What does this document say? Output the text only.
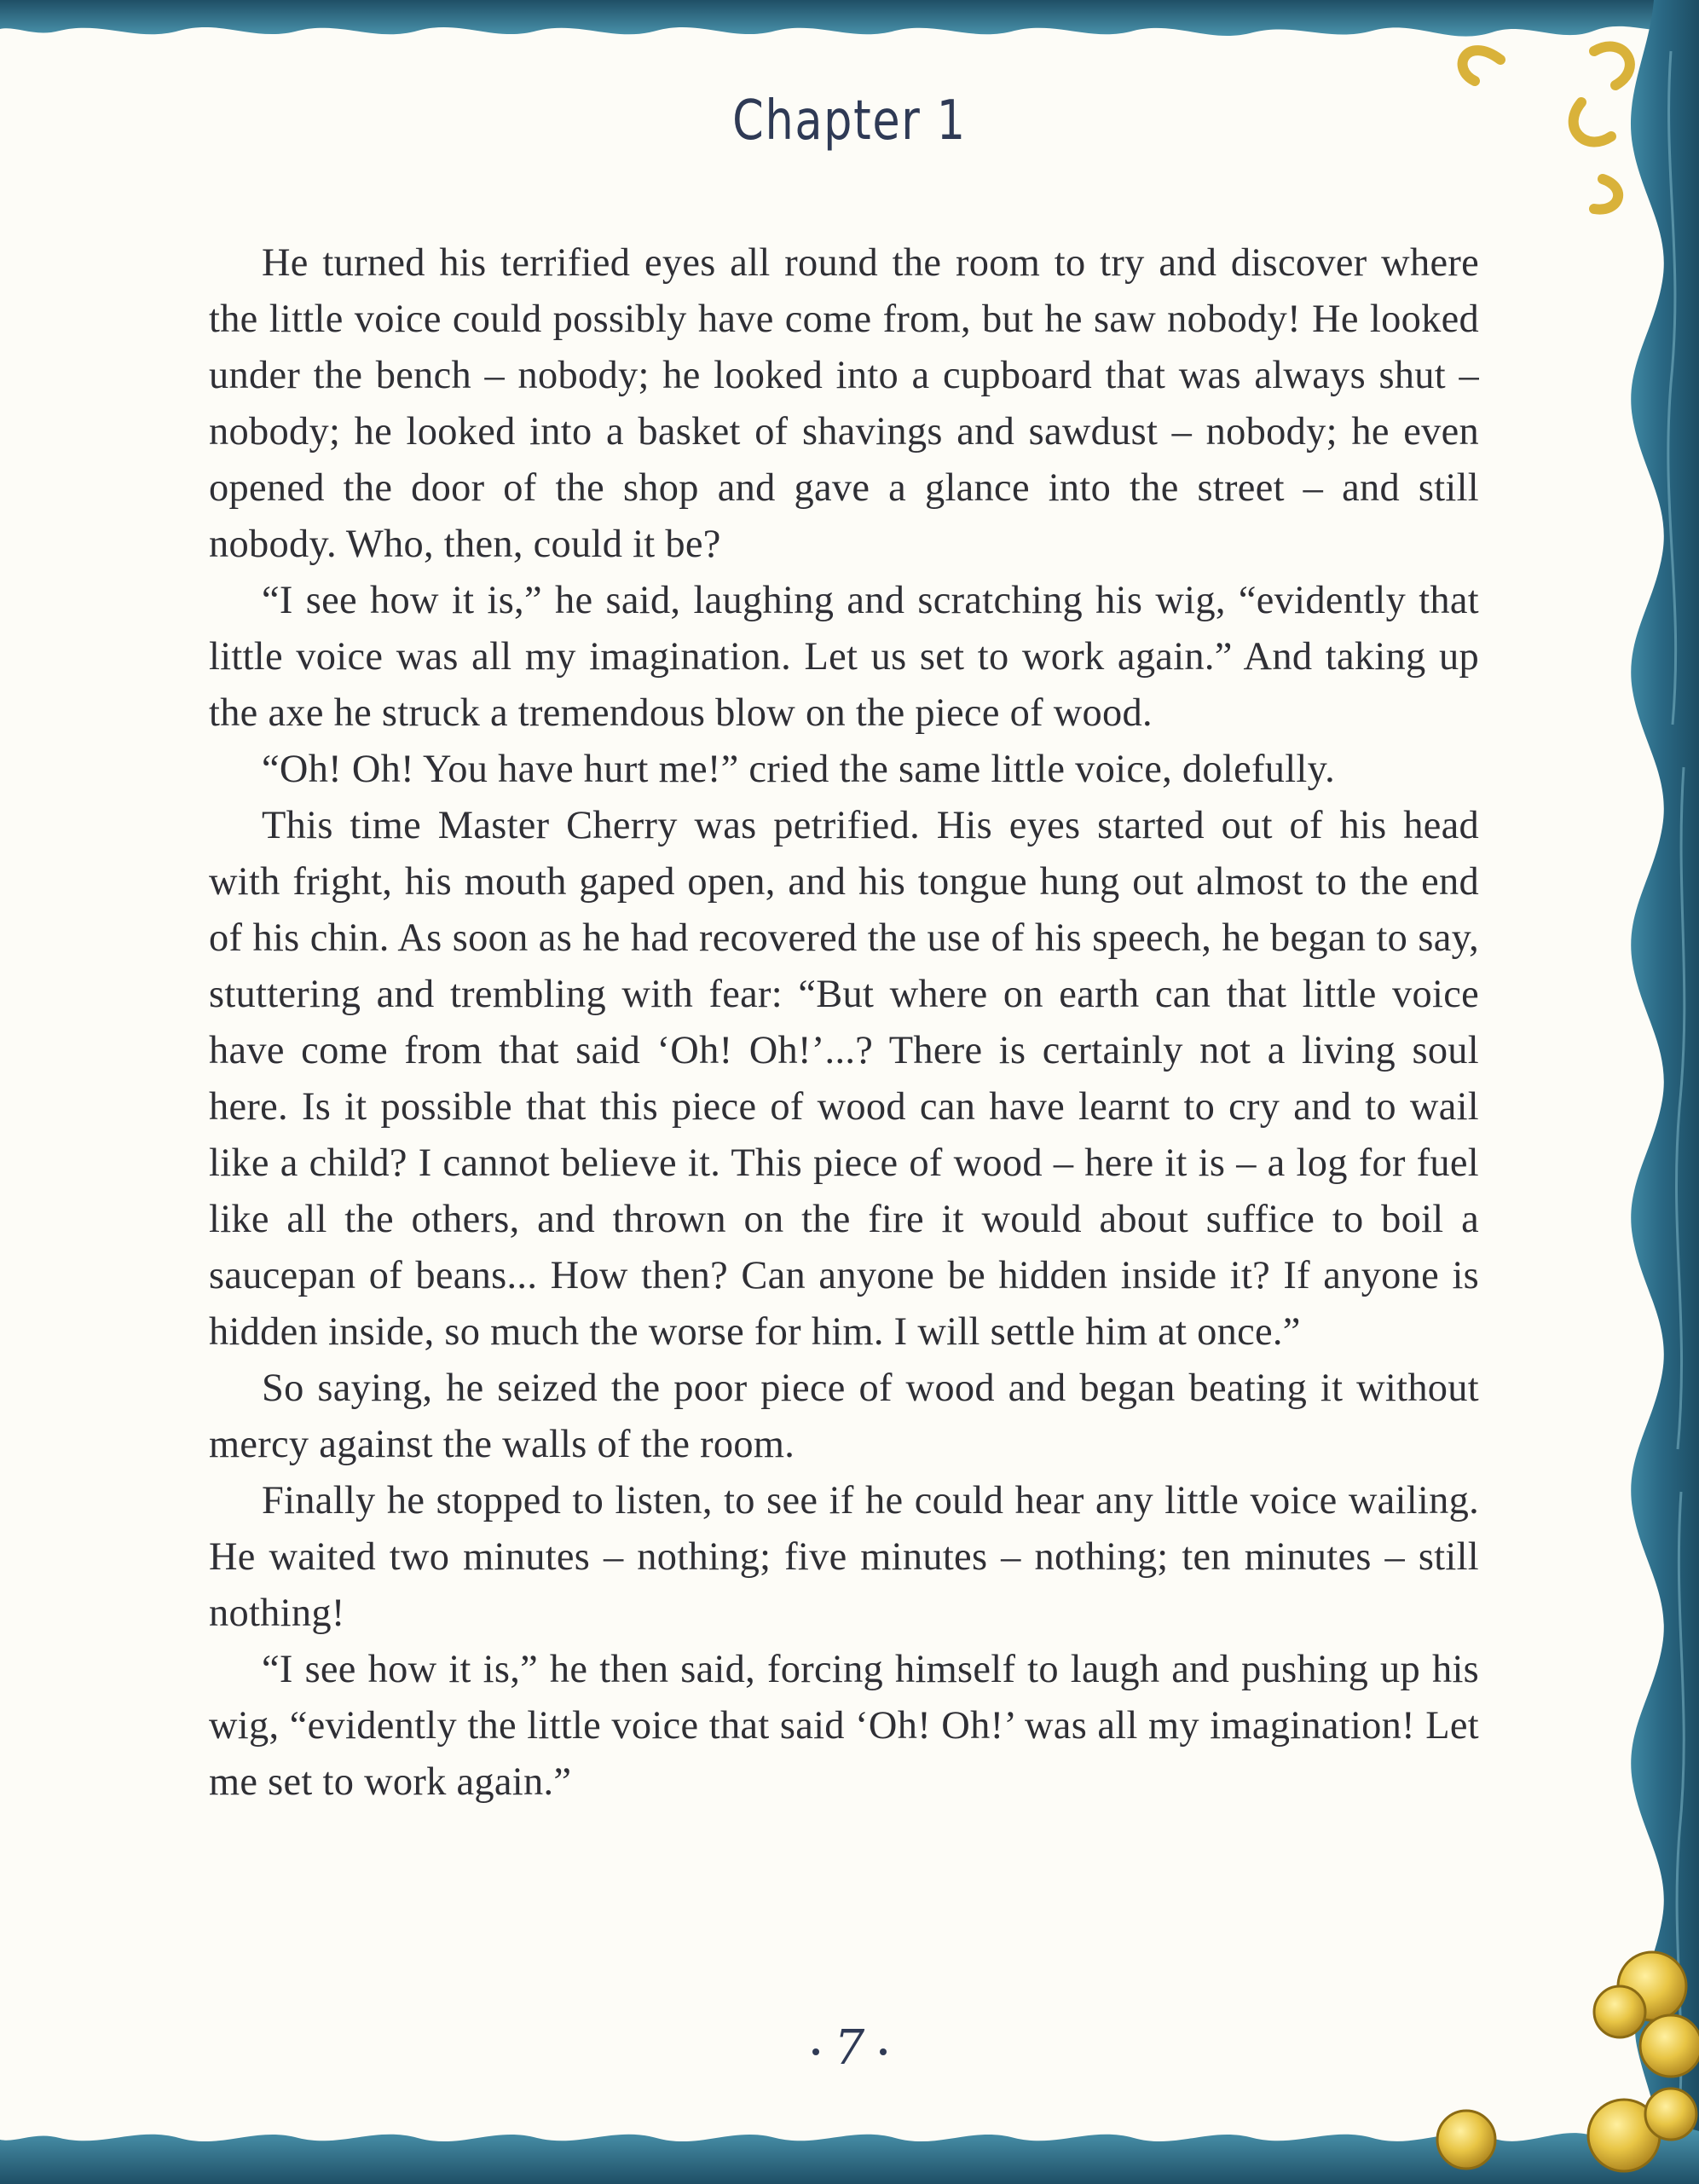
Chapter 1

He turned his terrified eyes all round the room to try and discover where the little voice could possibly have come from, but he saw nobody! He looked under the bench – nobody; he looked into a cupboard that was always shut – nobody; he looked into a basket of shavings and sawdust – nobody; he even opened the door of the shop and gave a glance into the street – and still nobody. Who, then, could it be?

“I see how it is,” he said, laughing and scratching his wig, “evidently that little voice was all my imagination. Let us set to work again.” And taking up the axe he struck a tremendous blow on the piece of wood.

“Oh! Oh! You have hurt me!” cried the same little voice, dolefully.

This time Master Cherry was petrified. His eyes started out of his head with fright, his mouth gaped open, and his tongue hung out almost to the end of his chin. As soon as he had recovered the use of his speech, he began to say, stuttering and trembling with fear: “But where on earth can that little voice have come from that said ‘Oh! Oh!’...? There is certainly not a living soul here. Is it possible that this piece of wood can have learnt to cry and to wail like a child? I cannot believe it. This piece of wood – here it is – a log for fuel like all the others, and thrown on the fire it would about suffice to boil a saucepan of beans... How then? Can anyone be hidden inside it? If anyone is hidden inside, so much the worse for him. I will settle him at once.”

So saying, he seized the poor piece of wood and began beating it without mercy against the walls of the room.

Finally he stopped to listen, to see if he could hear any little voice wailing. He waited two minutes – nothing; five minutes – nothing; ten minutes – still nothing!

“I see how it is,” he then said, forcing himself to laugh and pushing up his wig, “evidently the little voice that said ‘Oh! Oh!’ was all my imagination! Let me set to work again.”

7
